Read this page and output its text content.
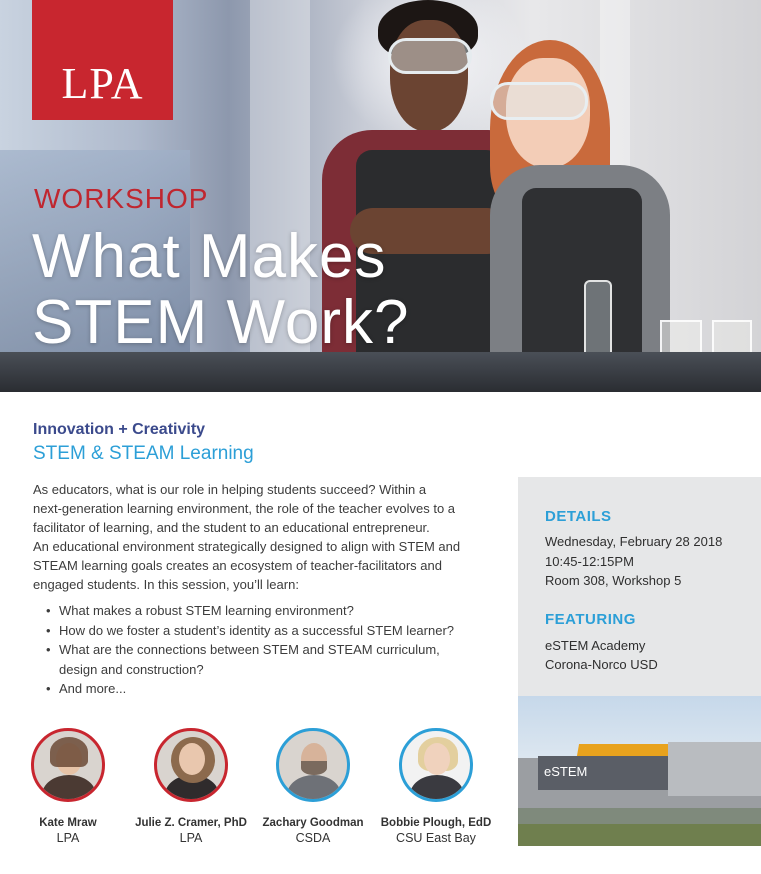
LPA
WORKSHOP
What Makes
STEM Work?
Innovation + Creativity
STEM & STEAM Learning
As educators, what is our role in helping students succeed? Within a
next-generation learning environment, the role of the teacher evolves to a
facilitator of learning, and the student to an educational entrepreneur.
An educational environment strategically designed to align with STEM and
STEAM learning goals creates an ecosystem of teacher-facilitators and
engaged students. In this session, you’ll learn:
• What makes a robust STEM learning environment?
• How do we foster a student’s identity as a successful STEM learner?
• What are the connections between STEM and STEAM curriculum,
design and construction?
• And more...
DETAILS
Wednesday, February 28 2018
10:45-12:15PM
Room 308, Workshop 5
FEATURING
eSTEM Academy
Corona-Norco USD
eSTEM
Kate Mraw
LPA
Julie Z. Cramer, PhD
LPA
Zachary Goodman
CSDA
Bobbie Plough, EdD
CSU East Bay
